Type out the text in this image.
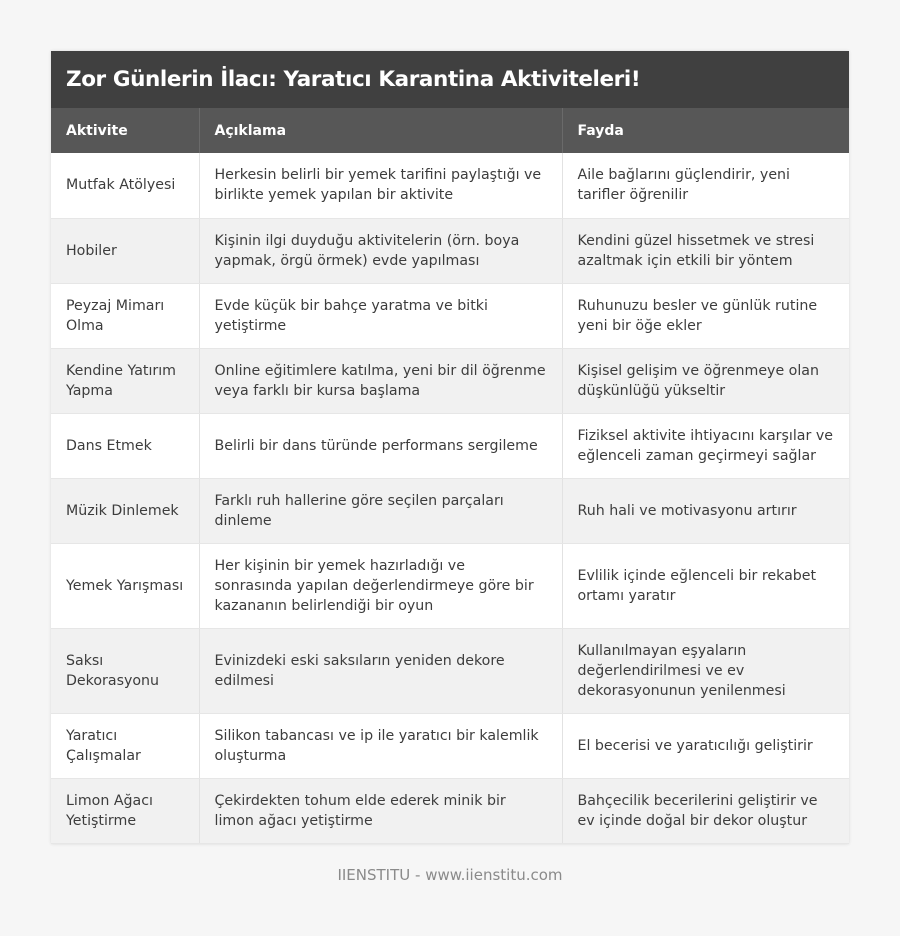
Zor Günlerin İlacı: Yaratıcı Karantina Aktiviteleri!
Aktivite	Açıklama	Fayda
Mutfak Atölyesi	Herkesin belirli bir yemek tarifini paylaştığı ve birlikte yemek yapılan bir aktivite	Aile bağlarını güçlendirir, yeni tarifler öğrenilir
Hobiler	Kişinin ilgi duyduğu aktivitelerin (örn. boya yapmak, örgü örmek) evde yapılması	Kendini güzel hissetmek ve stresi azaltmak için etkili bir yöntem
Peyzaj Mimarı Olma	Evde küçük bir bahçe yaratma ve bitki yetiştirme	Ruhunuzu besler ve günlük rutine yeni bir öğe ekler
Kendine Yatırım Yapma	Online eğitimlere katılma, yeni bir dil öğrenme veya farklı bir kursa başlama	Kişisel gelişim ve öğrenmeye olan düşkünlüğü yükseltir
Dans Etmek	Belirli bir dans türünde performans sergileme	Fiziksel aktivite ihtiyacını karşılar ve eğlenceli zaman geçirmeyi sağlar
Müzik Dinlemek	Farklı ruh hallerine göre seçilen parçaları dinleme	Ruh hali ve motivasyonu artırır
Yemek Yarışması	Her kişinin bir yemek hazırladığı ve sonrasında yapılan değerlendirmeye göre bir kazananın belirlendiği bir oyun	Evlilik içinde eğlenceli bir rekabet ortamı yaratır
Saksı Dekorasyonu	Evinizdeki eski saksıların yeniden dekore edilmesi	Kullanılmayan eşyaların değerlendirilmesi ve ev dekorasyonunun yenilenmesi
Yaratıcı Çalışmalar	Silikon tabancası ve ip ile yaratıcı bir kalemlik oluşturma	El becerisi ve yaratıcılığı geliştirir
Limon Ağacı Yetiştirme	Çekirdekten tohum elde ederek minik bir limon ağacı yetiştirme	Bahçecilik becerilerini geliştirir ve ev içinde doğal bir dekor oluştur
IIENSTITU - www.iienstitu.com
